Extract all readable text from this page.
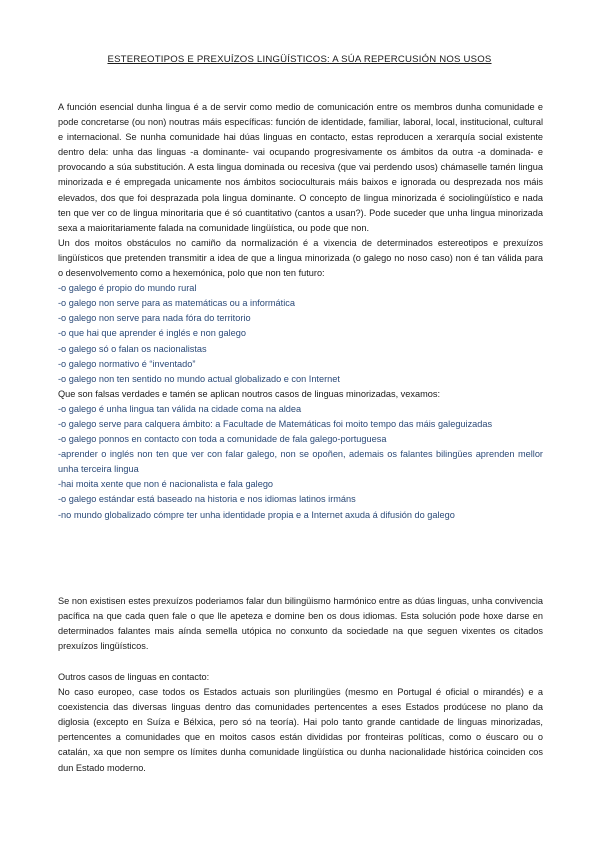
ESTEREOTIPOS E PREXUÍZOS LINGÜÍSTICOS: A SÚA REPERCUSIÓN NOS USOS

A función esencial dunha lingua é a de servir como medio de comunicación entre os membros dunha comunidade e pode concretarse (ou non) noutras máis específicas: función de identidade, familiar, laboral, local, institucional, cultural e internacional. Se nunha comunidade hai dúas linguas en contacto, estas reproducen a xerarquía social existente dentro dela: unha das linguas -a dominante- vai ocupando progresivamente os ámbitos da outra -a dominada- e provocando a súa substitución. A esta lingua dominada ou recesiva (que vai perdendo usos) chámaselle tamén lingua minorizada e é empregada unicamente nos ámbitos socioculturais máis baixos e ignorada ou desprezada nos máis elevados, dos que foi desprazada pola lingua dominante. O concepto de lingua minorizada é sociolingüístico e nada ten que ver co de lingua minoritaria que é só cuantitativo (cantos a usan?). Pode suceder que unha lingua minorizada sexa a maioritariamente falada na comunidade lingüística, ou pode que non.

Un dos moitos obstáculos no camiño da normalización é a vixencia de determinados estereotipos e prexuízos lingüísticos que pretenden transmitir a idea de que a lingua minorizada (o galego no noso caso) non é tan válida para o desenvolvemento como a hexemónica, polo que non ten futuro:

-o galego é propio do mundo rural

-o galego non serve para as matemáticas ou a informática

-o galego non serve para nada fóra do territorio

-o que hai que aprender é inglés e non galego

-o galego só o falan os nacionalistas

-o galego normativo é “inventado”

-o galego non ten sentido no mundo actual globalizado e con Internet

Que son falsas verdades e tamén se aplican noutros casos de linguas minorizadas, vexamos:

-o galego é unha lingua tan válida na cidade coma na aldea

-o galego serve para calquera ámbito: a Facultade de Matemáticas foi moito tempo das máis galeguizadas

-o galego ponnos en contacto con toda a comunidade de fala galego-portuguesa

-aprender o inglés non ten que ver con falar galego, non se opoñen, ademais os falantes bilingües aprenden mellor unha terceira lingua

-hai moita xente que non é nacionalista e fala galego

-o galego estándar está baseado na historia e nos idiomas latinos irmáns

-no mundo globalizado cómpre ter unha identidade propia e a Internet axuda á difusión do galego

Se non existisen estes prexuízos poderiamos falar dun bilingüismo harmónico entre as dúas linguas, unha convivencia pacífica na que cada quen fale o que lle apeteza e domine ben os dous idiomas. Esta solución pode hoxe darse en determinados falantes mais aínda semella utópica no conxunto da sociedade na que seguen vixentes os citados prexuízos lingüísticos.

Outros casos de linguas en contacto:

No caso europeo, case todos os Estados actuais son plurilingües (mesmo en Portugal é oficial o mirandés) e a coexistencia das diversas linguas dentro das comunidades pertencentes a eses Estados prodúcese no plano da diglosia (excepto en Suíza e Bélxica, pero só na teoría). Hai polo tanto grande cantidade de linguas minorizadas, pertencentes a comunidades que en moitos casos están divididas por fronteiras políticas, como o éuscaro ou o catalán, xa que non sempre os límites dunha comunidade lingüística ou dunha nacionalidade histórica coinciden cos dun Estado moderno.
